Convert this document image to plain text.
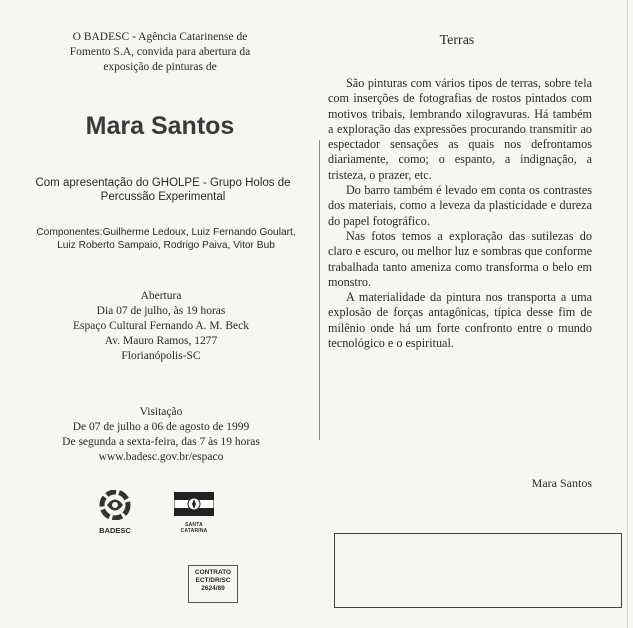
O BADESC - Agência Catarinense de
Fomento S.A, convida para abertura da
exposição de pinturas de
Mara Santos
Com apresentação do GHOLPE - Grupo Holos de
Percussão Experimental
Componentes:Guilherme Ledoux, Luiz Fernando Goulart,
Luiz Roberto Sampaio, Rodrigo Paiva, Vitor Bub
Abertura
Dia 07 de julho, às 19 horas
Espaço Cultural Fernando A. M. Beck
Av. Mauro Ramos, 1277
Florianópolis-SC
Visitação
De 07 de julho a 06 de agosto de 1999
De segunda a sexta-feira, das 7 às 19 horas
www.badesc.gov.br/espaco
BADESC
SANTA CATARINA
CONTRATO
ECT/DR/SC
2624/89
Terras

São pinturas com vários tipos de terras, sobre tela com inserções de fotografias de rostos pintados com motivos tribais, lembrando xilogravuras. Há também a exploração das expressões procurando transmitir ao espectador sensações as quais nos defrontamos diariamente, como; o espanto, a indignação, a tristeza, o prazer, etc.

Do barro também é levado em conta os contrastes dos materiais, como a leveza da plasticidade e dureza do papel fotográfico.

Nas fotos temos a exploração das sutilezas do claro e escuro, ou melhor luz e sombras que conforme trabalhada tanto ameniza como transforma o belo em monstro.

A materialidade da pintura nos transporta a uma explosão de forças antagônicas, típica desse fim de milênio onde há um forte confronto entre o mundo tecnológico e o espiritual.

Mara Santos
